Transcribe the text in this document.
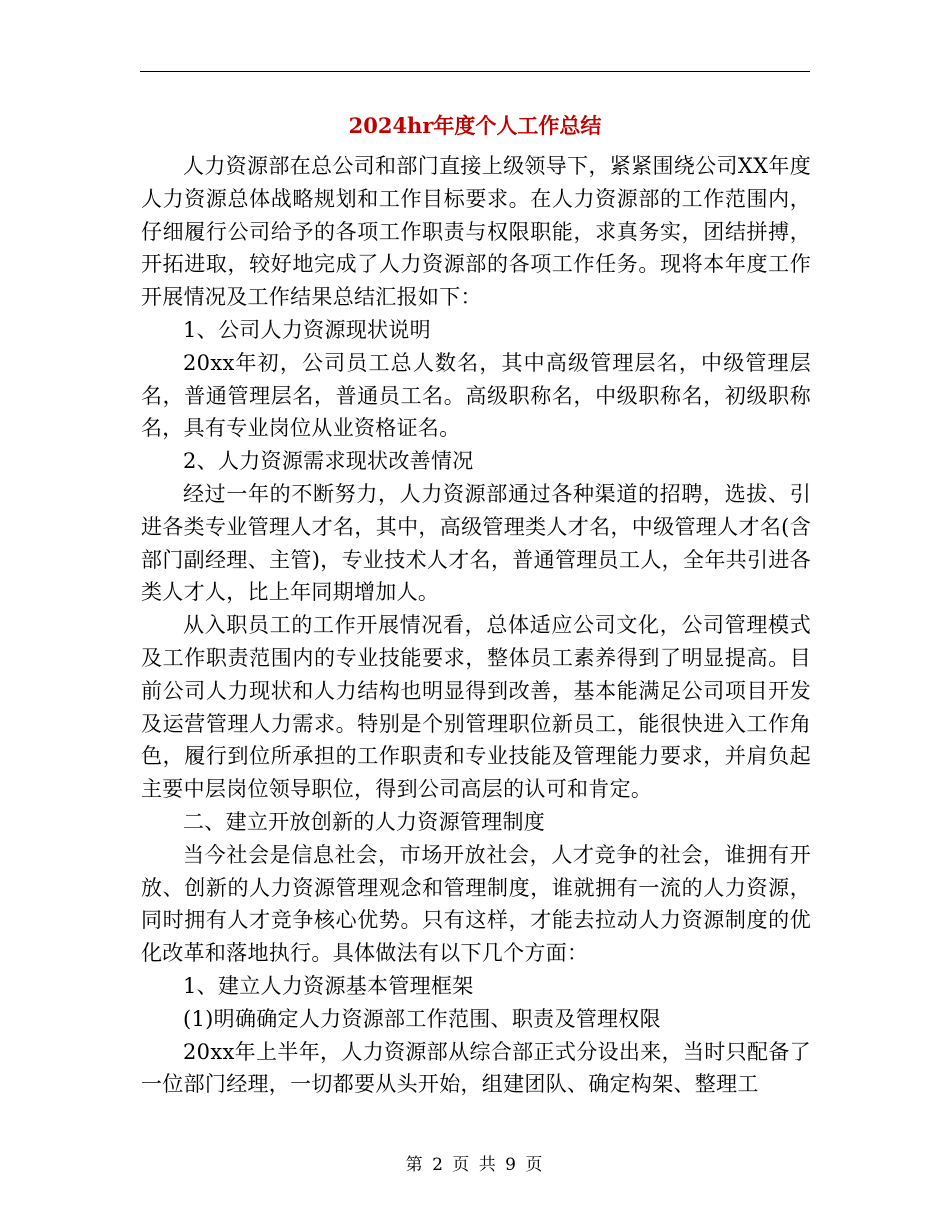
2024hr年度个人工作总结

人力资源部在总公司和部门直接上级领导下，紧紧围绕公司XX年度人力资源总体战略规划和工作目标要求。在人力资源部的工作范围内，仔细履行公司给予的各项工作职责与权限职能，求真务实，团结拼搏，开拓进取，较好地完成了人力资源部的各项工作任务。现将本年度工作开展情况及工作结果总结汇报如下：

1、公司人力资源现状说明

20xx年初，公司员工总人数名，其中高级管理层名，中级管理层名，普通管理层名，普通员工名。高级职称名，中级职称名，初级职称名，具有专业岗位从业资格证名。

2、人力资源需求现状改善情况

经过一年的不断努力，人力资源部通过各种渠道的招聘，选拔、引进各类专业管理人才名，其中，高级管理类人才名，中级管理人才名(含部门副经理、主管)，专业技术人才名，普通管理员工人，全年共引进各类人才人，比上年同期增加人。

从入职员工的工作开展情况看，总体适应公司文化，公司管理模式及工作职责范围内的专业技能要求，整体员工素养得到了明显提高。目前公司人力现状和人力结构也明显得到改善，基本能满足公司项目开发及运营管理人力需求。特别是个别管理职位新员工，能很快进入工作角色，履行到位所承担的工作职责和专业技能及管理能力要求，并肩负起主要中层岗位领导职位，得到公司高层的认可和肯定。

二、建立开放创新的人力资源管理制度

当今社会是信息社会，市场开放社会，人才竞争的社会，谁拥有开放、创新的人力资源管理观念和管理制度，谁就拥有一流的人力资源，同时拥有人才竞争核心优势。只有这样，才能去拉动人力资源制度的优化改革和落地执行。具体做法有以下几个方面：

1、建立人力资源基本管理框架

(1)明确确定人力资源部工作范围、职责及管理权限

20xx年上半年，人力资源部从综合部正式分设出来，当时只配备了一位部门经理，一切都要从头开始，组建团队、确定构架、整理工

第 2 页 共 9 页
